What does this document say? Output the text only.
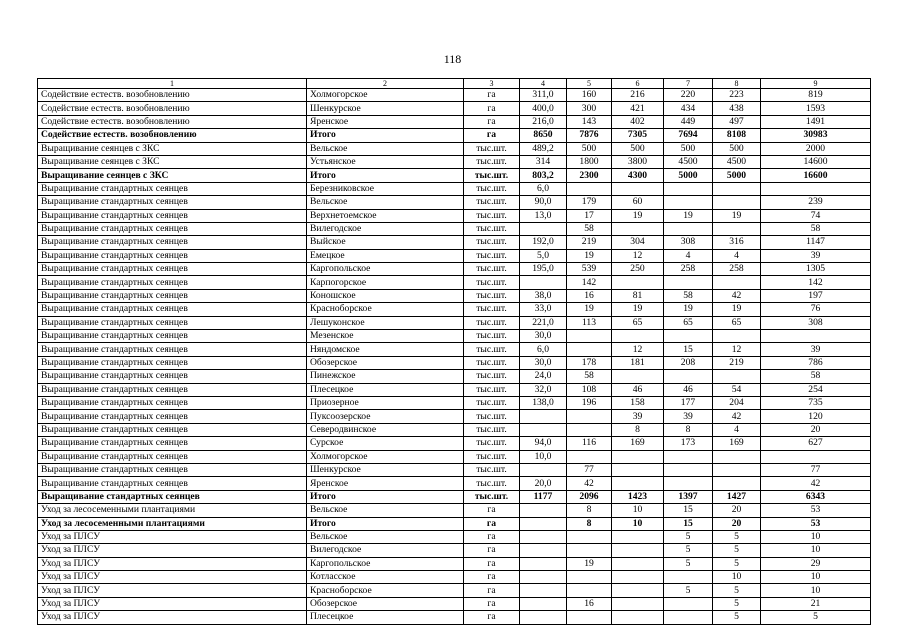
118
1	2	3	4	5	6	7	8	9
Содействие естеств. возобновлению	Холмогорское	га	311,0	160	216	220	223	819
Содействие естеств. возобновлению	Шенкурское	га	400,0	300	421	434	438	1593
Содействие естеств. возобновлению	Яренское	га	216,0	143	402	449	497	1491
Содействие естеств. возобновлению	Итого	га	8650	7876	7305	7694	8108	30983
Выращивание сеянцев с ЗКС	Вельское	тыс.шт.	489,2	500	500	500	500	2000
Выращивание сеянцев с ЗКС	Устьянское	тыс.шт.	314	1800	3800	4500	4500	14600
Выращивание сеянцев с ЗКС	Итого	тыс.шт.	803,2	2300	4300	5000	5000	16600
Выращивание стандартных сеянцев	Березниковское	тыс.шт.	6,0					
Выращивание стандартных сеянцев	Вельское	тыс.шт.	90,0	179	60			239
Выращивание стандартных сеянцев	Верхнетоемское	тыс.шт.	13,0	17	19	19	19	74
Выращивание стандартных сеянцев	Вилегодское	тыс.шт.		58				58
Выращивание стандартных сеянцев	Выйское	тыс.шт.	192,0	219	304	308	316	1147
Выращивание стандартных сеянцев	Емецкое	тыс.шт.	5,0	19	12	4	4	39
Выращивание стандартных сеянцев	Каргопольское	тыс.шт.	195,0	539	250	258	258	1305
Выращивание стандартных сеянцев	Карпогорское	тыс.шт.		142				142
Выращивание стандартных сеянцев	Коношское	тыс.шт.	38,0	16	81	58	42	197
Выращивание стандартных сеянцев	Красноборское	тыс.шт.	33,0	19	19	19	19	76
Выращивание стандартных сеянцев	Лешуконское	тыс.шт.	221,0	113	65	65	65	308
Выращивание стандартных сеянцев	Мезенское	тыс.шт.	30,0					
Выращивание стандартных сеянцев	Няндомское	тыс.шт.	6,0		12	15	12	39
Выращивание стандартных сеянцев	Обозерское	тыс.шт.	30,0	178	181	208	219	786
Выращивание стандартных сеянцев	Пинежское	тыс.шт.	24,0	58				58
Выращивание стандартных сеянцев	Плесецкое	тыс.шт.	32,0	108	46	46	54	254
Выращивание стандартных сеянцев	Приозерное	тыс.шт.	138,0	196	158	177	204	735
Выращивание стандартных сеянцев	Пуксоозерское	тыс.шт.			39	39	42	120
Выращивание стандартных сеянцев	Северодвинское	тыс.шт.			8	8	4	20
Выращивание стандартных сеянцев	Сурское	тыс.шт.	94,0	116	169	173	169	627
Выращивание стандартных сеянцев	Холмогорское	тыс.шт.	10,0					
Выращивание стандартных сеянцев	Шенкурское	тыс.шт.		77				77
Выращивание стандартных сеянцев	Яренское	тыс.шт.	20,0	42				42
Выращивание стандартных сеянцев	Итого	тыс.шт.	1177	2096	1423	1397	1427	6343
Уход за лесосеменными плантациями	Вельское	га		8	10	15	20	53
Уход за лесосеменными плантациями	Итого	га		8	10	15	20	53
Уход за ПЛСУ	Вельское	га				5	5	10
Уход за ПЛСУ	Вилегодское	га				5	5	10
Уход за ПЛСУ	Каргопольское	га		19		5	5	29
Уход за ПЛСУ	Котласское	га					10	10
Уход за ПЛСУ	Красноборское	га				5	5	10
Уход за ПЛСУ	Обозерское	га		16			5	21
Уход за ПЛСУ	Плесецкое	га					5	5
